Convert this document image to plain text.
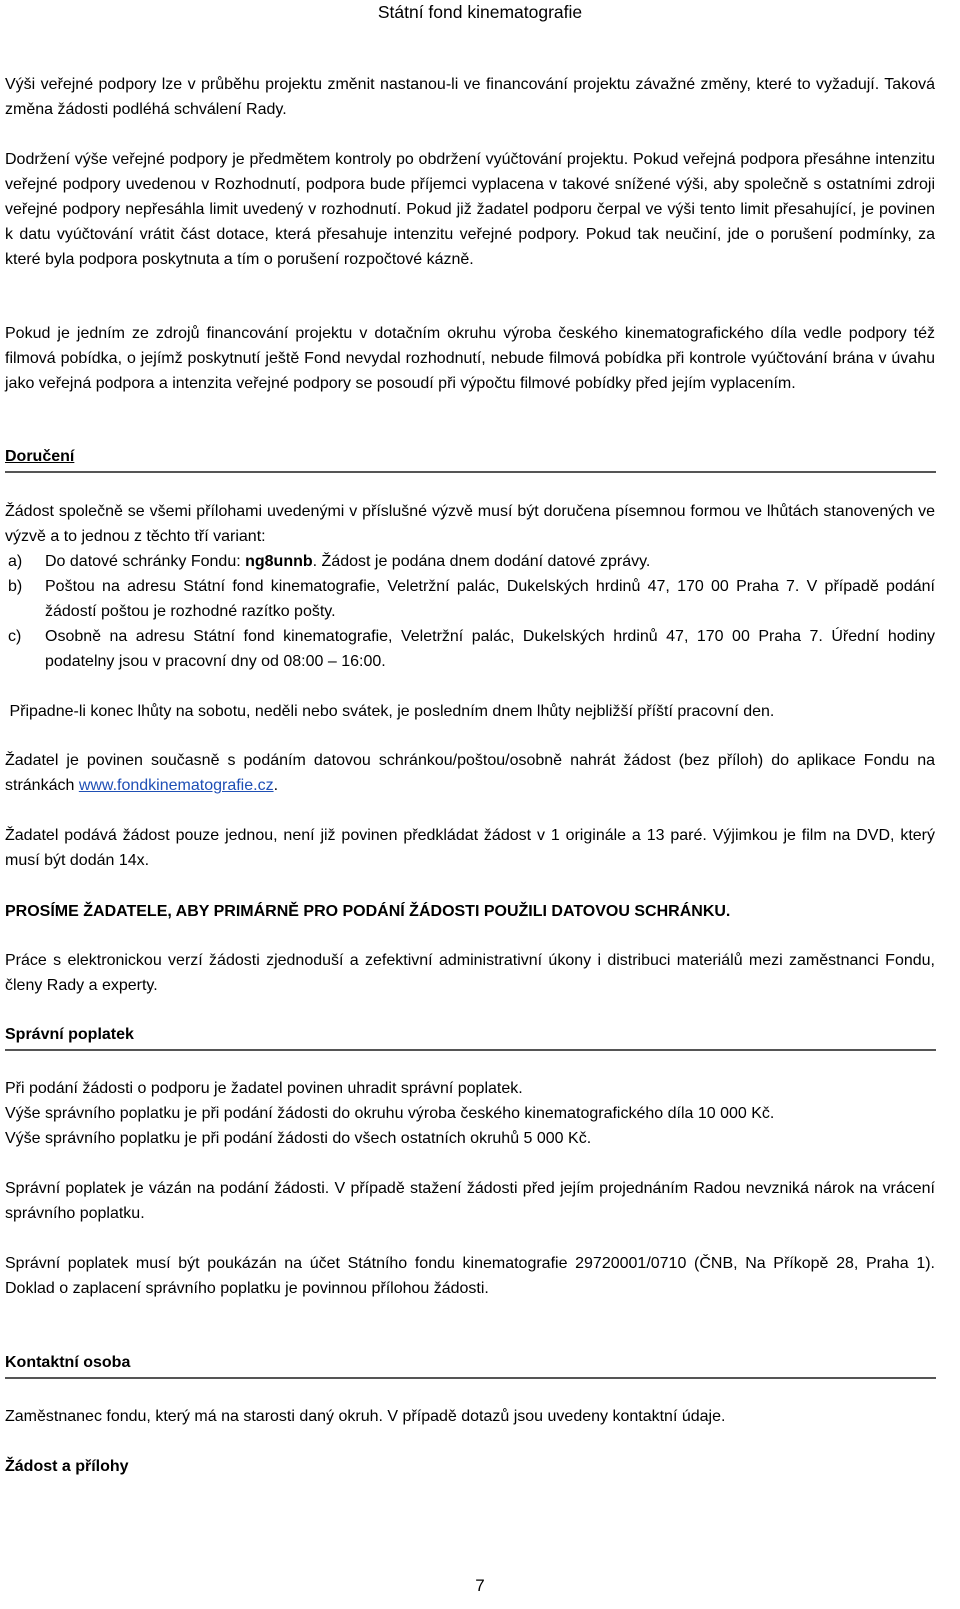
Státní fond kinematografie
Výši veřejné podpory lze v průběhu projektu změnit nastanou-li ve financování projektu závažné změny, které to vyžadují. Taková změna žádosti podléhá schválení Rady.
Dodržení výše veřejné podpory je předmětem kontroly po obdržení vyúčtování projektu. Pokud veřejná podpora přesáhne intenzitu veřejné podpory uvedenou v Rozhodnutí, podpora bude příjemci vyplacena v takové snížené výši, aby společně s ostatními zdroji veřejné podpory nepřesáhla limit uvedený v rozhodnutí. Pokud již žadatel podporu čerpal ve výši tento limit přesahující, je povinen k datu vyúčtování vrátit část dotace, která přesahuje intenzitu veřejné podpory. Pokud tak neučiní, jde o porušení podmínky, za které byla podpora poskytnuta a tím o porušení rozpočtové kázně.
Pokud je jedním ze zdrojů financování projektu v dotačním okruhu výroba českého kinematografického díla vedle podpory též filmová pobídka, o jejímž poskytnutí ještě Fond nevydal rozhodnutí, nebude filmová pobídka při kontrole vyúčtování brána v úvahu jako veřejná podpora a intenzita veřejné podpory se posoudí při výpočtu filmové pobídky před jejím vyplacením.
Doručení
Žádost společně se všemi přílohami uvedenými v příslušné výzvě musí být doručena písemnou formou ve lhůtách stanovených ve výzvě a to jednou z těchto tří variant:
a)	Do datové schránky Fondu: ng8unnb. Žádost je podána dnem dodání datové zprávy.
b)	Poštou na adresu Státní fond kinematografie, Veletržní palác, Dukelských hrdinů 47, 170 00 Praha 7. V případě podání žádostí poštou je rozhodné razítko pošty.
c)	Osobně na adresu Státní fond kinematografie, Veletržní palác, Dukelských hrdinů 47, 170 00 Praha 7. Úřední hodiny podatelny jsou v pracovní dny od 08:00 – 16:00.
Připadne-li konec lhůty na sobotu, neděli nebo svátek, je posledním dnem lhůty nejbližší příští pracovní den.
Žadatel je povinen současně s podáním datovou schránkou/poštou/osobně nahrát žádost (bez příloh) do aplikace Fondu na stránkách www.fondkinematografie.cz.
Žadatel podává žádost pouze jednou, není již povinen předkládat žádost v 1 originále a 13 paré. Výjimkou je film na DVD, který musí být dodán 14x.
PROSÍME ŽADATELE, ABY PRIMÁRNĚ PRO PODÁNÍ ŽÁDOSTI POUŽILI DATOVOU SCHRÁNKU.
Práce s elektronickou verzí žádosti zjednoduší a zefektivní administrativní úkony i distribuci materiálů mezi zaměstnanci Fondu, členy Rady a experty.
Správní poplatek
Při podání žádosti o podporu je žadatel povinen uhradit správní poplatek.
Výše správního poplatku je při podání žádosti do okruhu výroba českého kinematografického díla 10 000 Kč.
Výše správního poplatku je při podání žádosti do všech ostatních okruhů 5 000 Kč.
Správní poplatek je vázán na podání žádosti. V případě stažení žádosti před jejím projednáním Radou nevzniká nárok na vrácení správního poplatku.
Správní poplatek musí být poukázán na účet Státního fondu kinematografie 29720001/0710 (ČNB, Na Příkopě 28, Praha 1). Doklad o zaplacení správního poplatku je povinnou přílohou žádosti.
Kontaktní osoba
Zaměstnanec fondu, který má na starosti daný okruh. V případě dotazů jsou uvedeny kontaktní údaje.
Žádost a přílohy
7
